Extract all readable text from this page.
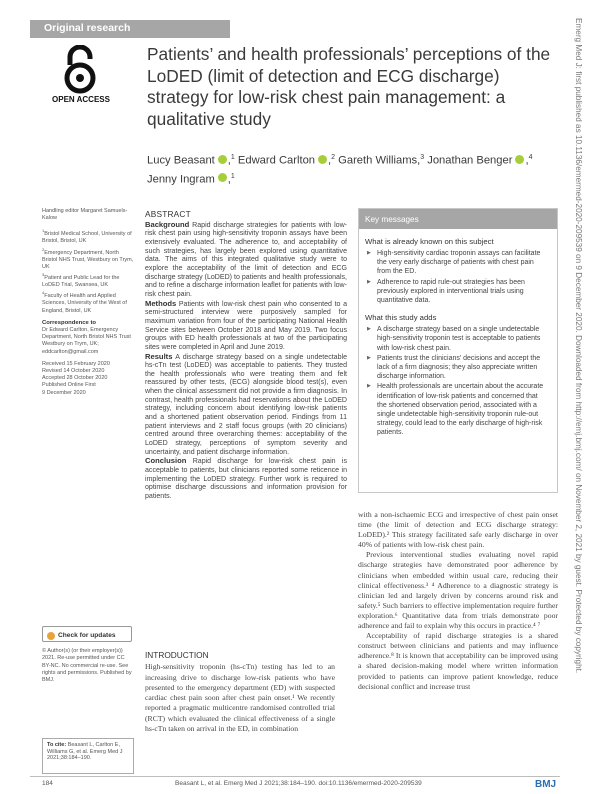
Original research
OPEN ACCESS
Patients’ and health professionals’ perceptions of the LoDED (limit of detection and ECG discharge) strategy for low-risk chest pain management: a qualitative study
Lucy Beasant ,$^1$ Edward Carlton ,$^2$ Gareth Williams,$^3$ Jonathan Benger ,$^4$
Jenny Ingram ,$^1$

Handling editor Margaret Samuels-Kalow

$^1$Bristol Medical School, University of Bristol, Bristol, UK

$^2$Emergency Department, North Bristol NHS Trust, Westbury on Trym, UK

$^3$Patient and Public Lead for the LoDED Trial, Swansea, UK

$^4$Faculty of Health and Applied Sciences, University of the West of England, Bristol, UK

Correspondence to

Dr Edward Carlton, Emergency Department, North Bristol NHS Trust Westbury on Trym, UK; eddcarlton@gmail.com

Received 15 February 2020
Revised 14 October 2020
Accepted 28 October 2020
Published Online First
9 December 2020

Check for updates
© Author(s) (or their employer(s)) 2021. Re-use permitted under CC BY-NC. No commercial re-use. See rights and permissions. Published by BMJ.
To cite: Beasant L, Carlton E, Williams G, et al. Emerg Med J 2021;38:184–190.
ABSTRACT
Background Rapid discharge strategies for patients with low-risk chest pain using high-sensitivity troponin assays have been extensively evaluated. The adherence to, and acceptability of such strategies, has largely been explored using quantitative data. The aims of this integrated qualitative study were to explore the acceptability of the limit of detection and ECG discharge strategy (LoDED) to patients and health professionals, and to refine a discharge information leaflet for patients with low-risk chest pain.
Methods Patients with low-risk chest pain who consented to a semi-structured interview were purposively sampled for maximum variation from four of the participating National Health Service sites between October 2018 and May 2019. Two focus groups with ED health professionals at two of the participating sites were completed in April and June 2019.
Results A discharge strategy based on a single undetectable hs-cTn test (LoDED) was acceptable to patients. They trusted the health professionals who were treating them and felt reassured by other tests, (ECG) alongside blood test(s), even when the clinical assessment did not provide a firm diagnosis. In contrast, health professionals had reservations about the LoDED strategy, including concern about identifying low-risk patients and a shortened patient observation period. Findings from 11 patient interviews and 2 staff focus groups (with 20 clinicians) centred around three overarching themes: acceptability of the LoDED strategy, perceptions of symptom severity and uncertainty, and patient discharge information.
Conclusion Rapid discharge for low-risk chest pain is acceptable to patients, but clinicians reported some reticence in implementing the LoDED strategy. Further work is required to optimise discharge discussions and information provision for patients.
INTRODUCTION
High-sensitivity troponin (hs-cTn) testing has led to an increasing drive to discharge low-risk patients who have presented to the emergency department (ED) with suspected cardiac chest pain soon after chest pain onset.¹ We recently reported a pragmatic multicentre randomised controlled trial (RCT) which evaluated the clinical effectiveness of a single hs-cTn taken on arrival in the ED, in combination
Key messages
What is already known on this subject
▶ High-sensitivity cardiac troponin assays can facilitate the very early discharge of patients with chest pain from the ED.
▶ Adherence to rapid rule-out strategies has been previously explored in interventional trials using quantitative data.
What this study adds
▶ A discharge strategy based on a single undetectable high-sensitivity troponin test is acceptable to patients with low-risk chest pain.
▶ Patients trust the clinicians’ decisions and accept the lack of a firm diagnosis; they also appreciate written discharge information.
▶ Health professionals are uncertain about the accurate identification of low-risk patients and concerned that the shortened observation period, associated with a single undetectable high-sensitivity troponin rule-out strategy, could lead to the early discharge of high-risk patients.

with a non-ischaemic ECG and irrespective of chest pain onset time (the limit of detection and ECG discharge strategy: LoDED).² This strategy facilitated safe early discharge in over 40% of patients with low-risk chest pain.

Previous interventional studies evaluating novel rapid discharge strategies have demonstrated poor adherence by clinicians when embedded within usual care, reducing their clinical effectiveness.³ ⁴ Adherence to a diagnostic strategy is clinician led and largely driven by concerns around risk and safety.⁵ Such barriers to effective implementation require further exploration.⁶ Quantitative data from trials demonstrate poor adherence and fail to explain why this occurs in practice.⁴ ⁷

Acceptability of rapid discharge strategies is a shared construct between clinicians and patients and may influence adherence.⁸ It is known that acceptability can be improved using a shared decision-making model where written information provided to patients can improve patient knowledge, reduce decisional conflict and increase trust

Emerg Med J: first published as 10.1136/emermed-2020-209539 on 9 December 2020. Downloaded from http://emj.bmj.com/ on November 2, 2021 by guest. Protected by copyright.
184	Beasant L, et al. Emerg Med J 2021;38:184–190. doi:10.1136/emermed-2020-209539	BMJ
